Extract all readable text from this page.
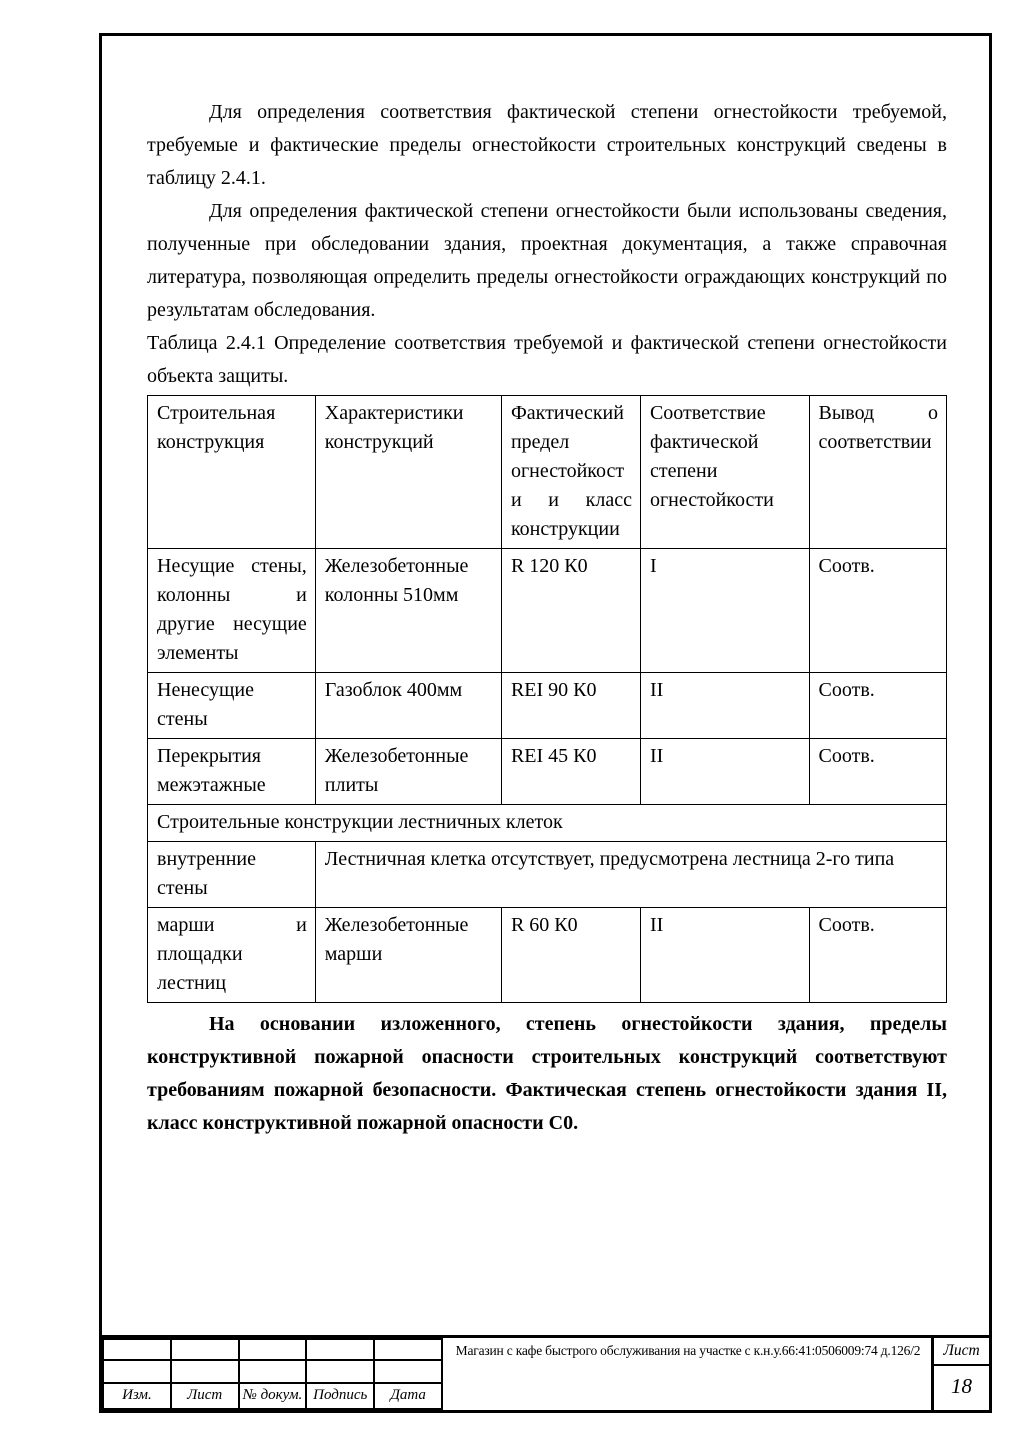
Для определения соответствия фактической степени огнестойкости требуемой, требуемые и фактические пределы огнестойкости строительных конструкций сведены в таблицу 2.4.1.

Для определения фактической степени огнестойкости были использованы сведения, полученные при обследовании здания, проектная документация, а также справочная литература, позволяющая определить пределы огнестойкости ограждающих конструкций по результатам обследования.

Таблица 2.4.1 Определение соответствия требуемой и фактической степени огнестойкости объекта защиты.

Строительная конструкция	Характеристики конструкций	Фактический предел огнестойкости и класс конструкции	Соответствие фактической степени огнестойкости	Вывод о соответствии
Несущие стены, колонны и другие несущие элементы	Железобетонные колонны 510мм	R 120 К0	I	Соотв.
Ненесущие стены	Газоблок 400мм	REI 90 К0	II	Соотв.
Перекрытия межэтажные	Железобетонные плиты	REI 45 К0	II	Соотв.
Строительные конструкции лестничных клеток				
внутренние стены	Лестничная клетка отсутствует, предусмотрена лестница 2-го типа			
марши и площадки лестниц	Железобетонные марши	R 60 К0	II	Соотв.

На основании изложенного, степень огнестойкости здания, пределы конструктивной пожарной опасности строительных конструкций соответствуют требованиям пожарной безопасности. Фактическая степень огнестойкости здания II, класс конструктивной пожарной опасности С0.

Изм.	Лист	№ докум.	Подпись	Дата
Магазин с кафе быстрого обслуживания на участке с к.н.у.66:41:0506009:74 д.126/2	Лист
18
